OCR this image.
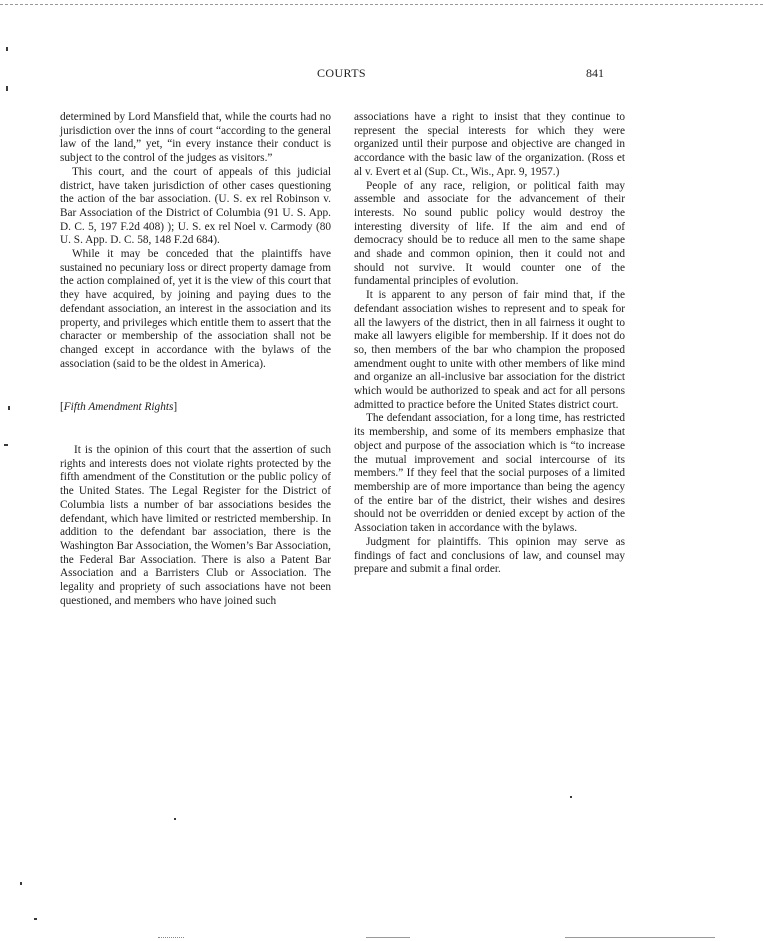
COURTS	841

determined by Lord Mansfield that, while the courts had no jurisdiction over the inns of court “according to the general law of the land,” yet, “in every instance their conduct is subject to the control of the judges as visitors.”

This court, and the court of appeals of this judicial district, have taken jurisdiction of other cases questioning the action of the bar association. (U. S. ex rel Robinson v. Bar Association of the District of Columbia (91 U. S. App. D. C. 5, 197 F.2d 408) ); U. S. ex rel Noel v. Carmody (80 U. S. App. D. C. 58, 148 F.2d 684).

While it may be conceded that the plaintiffs have sustained no pecuniary loss or direct property damage from the action complained of, yet it is the view of this court that they have acquired, by joining and paying dues to the defendant association, an interest in the association and its property, and privileges which entitle them to assert that the character or membership of the association shall not be changed except in accordance with the bylaws of the association (said to be the oldest in America).

[Fifth Amendment Rights]

It is the opinion of this court that the assertion of such rights and interests does not violate rights protected by the fifth amendment of the Constitution or the public policy of the United States. The Legal Register for the District of Columbia lists a number of bar associations besides the defendant, which have limited or restricted membership. In addition to the defendant bar association, there is the Washington Bar Association, the Women’s Bar Association, the Federal Bar Association. There is also a Patent Bar Association and a Barristers Club or Association. The legality and propriety of such associations have not been questioned, and members who have joined such

associations have a right to insist that they continue to represent the special interests for which they were organized until their purpose and objective are changed in accordance with the basic law of the organization. (Ross et al v. Evert et al (Sup. Ct., Wis., Apr. 9, 1957.)

People of any race, religion, or political faith may assemble and associate for the advancement of their interests. No sound public policy would destroy the interesting diversity of life. If the aim and end of democracy should be to reduce all men to the same shape and shade and common opinion, then it could not and should not survive. It would counter one of the fundamental principles of evolution.

It is apparent to any person of fair mind that, if the defendant association wishes to represent and to speak for all the lawyers of the district, then in all fairness it ought to make all lawyers eligible for membership. If it does not do so, then members of the bar who champion the proposed amendment ought to unite with other members of like mind and organize an all-inclusive bar association for the district which would be authorized to speak and act for all persons admitted to practice before the United States district court.

The defendant association, for a long time, has restricted its membership, and some of its members emphasize that object and purpose of the association which is “to increase the mutual improvement and social intercourse of its members.” If they feel that the social purposes of a limited membership are of more importance than being the agency of the entire bar of the district, their wishes and desires should not be overridden or denied except by action of the Association taken in accordance with the bylaws.

Judgment for plaintiffs. This opinion may serve as findings of fact and conclusions of law, and counsel may prepare and submit a final order.
